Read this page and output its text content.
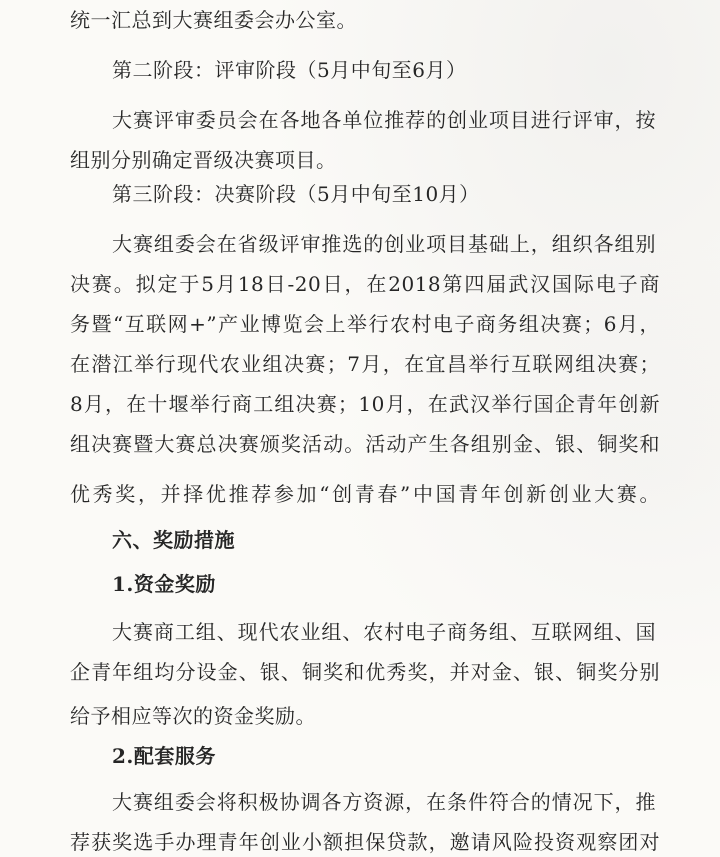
统一汇总到大赛组委会办公室。

第二阶段：评审阶段（5月中旬至6月）

大赛评审委员会在各地各单位推荐的创业项目进行评审，按

组别分别确定晋级决赛项目。

第三阶段：决赛阶段（5月中旬至10月）

大赛组委会在省级评审推选的创业项目基础上，组织各组别

决赛。拟定于5月18日-20日，在2018第四届武汉国际电子商

务暨“互联网+”产业博览会上举行农村电子商务组决赛；6月，

在潜江举行现代农业组决赛；7月，在宜昌举行互联网组决赛；

8月，在十堰举行商工组决赛；10月，在武汉举行国企青年创新

组决赛暨大赛总决赛颁奖活动。活动产生各组别金、银、铜奖和

优秀奖，并择优推荐参加“创青春”中国青年创新创业大赛。

六、奖励措施

1.资金奖励

大赛商工组、现代农业组、农村电子商务组、互联网组、国

企青年组均分设金、银、铜奖和优秀奖，并对金、银、铜奖分别

给予相应等次的资金奖励。

2.配套服务

大赛组委会将积极协调各方资源，在条件符合的情况下，推

荐获奖选手办理青年创业小额担保贷款，邀请风险投资观察团对
